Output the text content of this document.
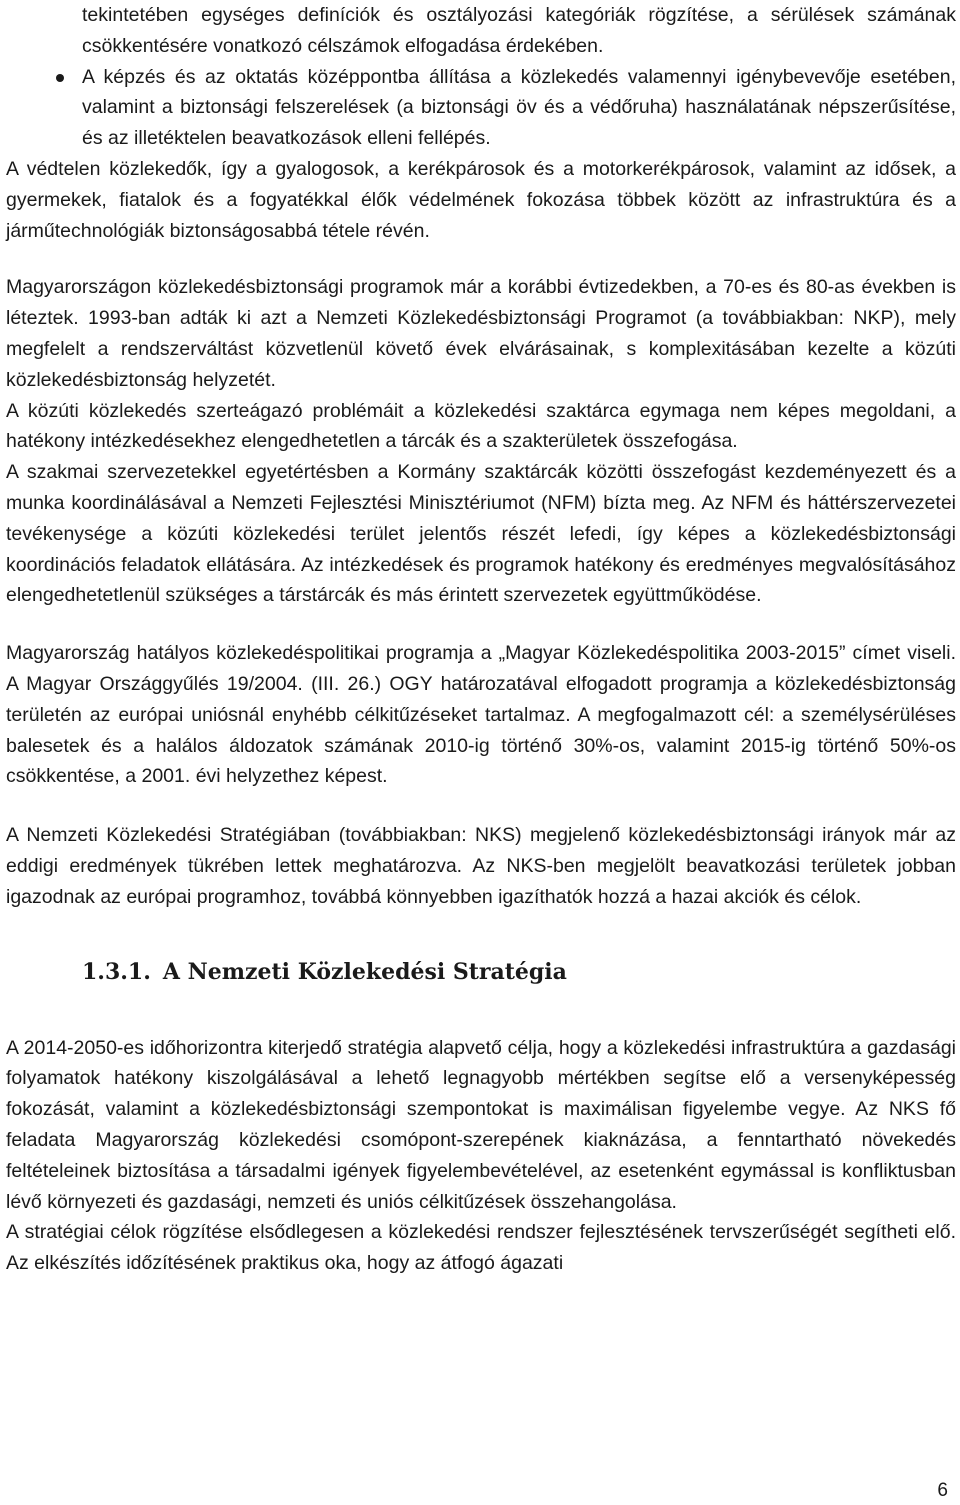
tekintetében egységes definíciók és osztályozási kategóriák rögzítése, a sérülések számának csökkentésére vonatkozó célszámok elfogadása érdekében.

A képzés és az oktatás középpontba állítása a közlekedés valamennyi igénybevevője esetében, valamint a biztonsági felszerelések (a biztonsági öv és a védőruha) használatának népszerűsítése, és az illetéktelen beavatkozások elleni fellépés.

A védtelen közlekedők, így a gyalogosok, a kerékpárosok és a motorkerékpárosok, valamint az idősek, a gyermekek, fiatalok és a fogyatékkal élők védelmének fokozása többek között az infrastruktúra és a járműtechnológiák biztonságosabbá tétele révén.

Magyarországon közlekedésbiztonsági programok már a korábbi évtizedekben, a 70-es és 80-as években is léteztek. 1993-ban adták ki azt a Nemzeti Közlekedésbiztonsági Programot (a továbbiakban: NKP), mely megfelelt a rendszerváltást közvetlenül követő évek elvárásainak, s komplexitásában kezelte a közúti közlekedésbiztonság helyzetét.

A közúti közlekedés szerteágazó problémáit a közlekedési szaktárca egymaga nem képes megoldani, a hatékony intézkedésekhez elengedhetetlen a tárcák és a szakterületek összefogása.

A szakmai szervezetekkel egyetértésben a Kormány szaktárcák közötti összefogást kezdeményezett és a munka koordinálásával a Nemzeti Fejlesztési Minisztériumot (NFM) bízta meg. Az NFM és háttérszervezetei tevékenysége a közúti közlekedési terület jelentős részét lefedi, így képes a közlekedésbiztonsági koordinációs feladatok ellátására. Az intézkedések és programok hatékony és eredményes megvalósításához elengedhetetlenül szükséges a társtárcák és más érintett szervezetek együttműködése.

Magyarország hatályos közlekedéspolitikai programja a „Magyar Közlekedéspolitika 2003-2015” címet viseli. A Magyar Országgyűlés 19/2004. (III. 26.) OGY határozatával elfogadott programja a közlekedésbiztonság területén az európai uniósnál enyhébb célkitűzéseket tartalmaz. A megfogalmazott cél: a személysérüléses balesetek és a halálos áldozatok számának 2010-ig történő 30%-os, valamint 2015-ig történő 50%-os csökkentése, a 2001. évi helyzethez képest.

A Nemzeti Közlekedési Stratégiában (továbbiakban: NKS) megjelenő közlekedésbiztonsági irányok már az eddigi eredmények tükrében lettek meghatározva. Az NKS-ben megjelölt beavatkozási területek jobban igazodnak az európai programhoz, továbbá könnyebben igazíthatók hozzá a hazai akciók és célok.

1.3.1. A Nemzeti Közlekedési Stratégia

A 2014-2050-es időhorizontra kiterjedő stratégia alapvető célja, hogy a közlekedési infrastruktúra a gazdasági folyamatok hatékony kiszolgálásával a lehető legnagyobb mértékben segítse elő a versenyképesség fokozását, valamint a közlekedésbiztonsági szempontokat is maximálisan figyelembe vegye. Az NKS fő feladata Magyarország közlekedési csomópont-szerepének kiaknázása, a fenntartható növekedés feltételeinek biztosítása a társadalmi igények figyelembevételével, az esetenként egymással is konfliktusban lévő környezeti és gazdasági, nemzeti és uniós célkitűzések összehangolása.

A stratégiai célok rögzítése elsődlegesen a közlekedési rendszer fejlesztésének tervszerűségét segítheti elő. Az elkészítés időzítésének praktikus oka, hogy az átfogó ágazati

6
